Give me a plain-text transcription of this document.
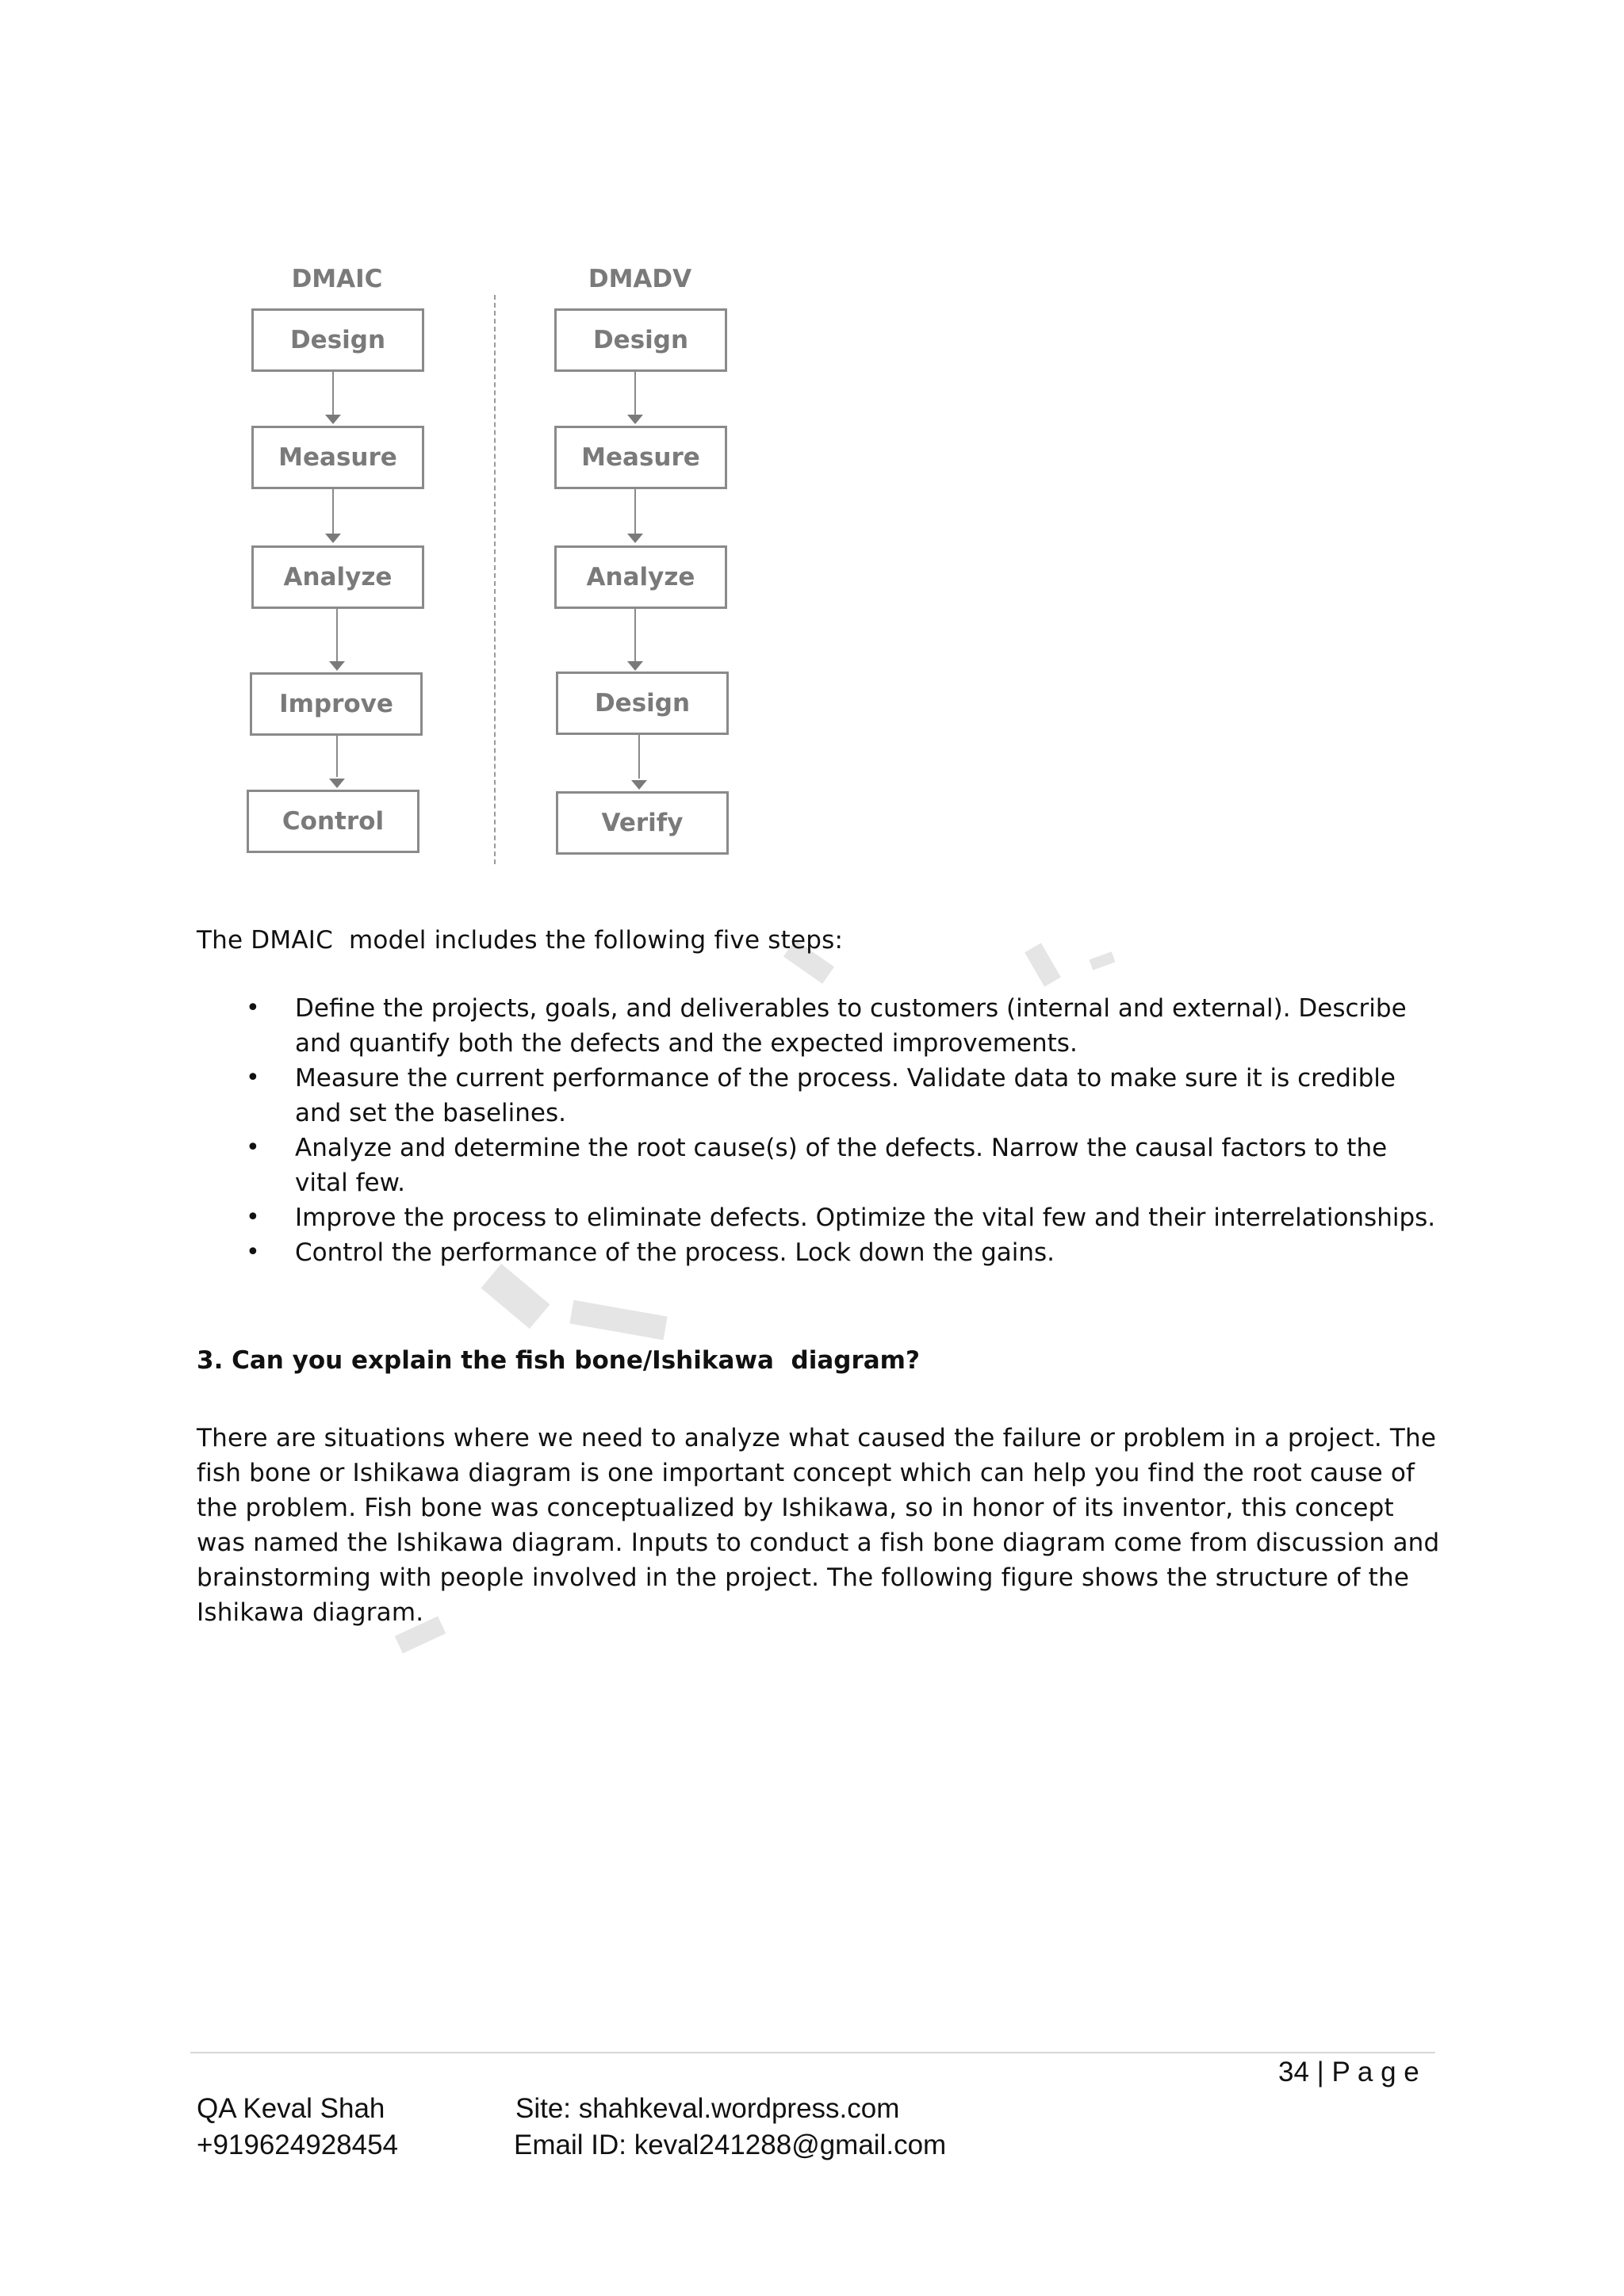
DMAIC	DMADV
Design
Measure
Analyze
Improve
Control
Design
Measure
Analyze
Design
Verify
The DMAIC  model includes the following five steps:
• Define the projects, goals, and deliverables to customers (internal and external). Describe and quantify both the defects and the expected improvements.
• Measure the current performance of the process. Validate data to make sure it is credible and set the baselines.
• Analyze and determine the root cause(s) of the defects. Narrow the causal factors to the vital few.
• Improve the process to eliminate defects. Optimize the vital few and their interrelationships.
• Control the performance of the process. Lock down the gains.
3. Can you explain the fish bone/Ishikawa  diagram?
There are situations where we need to analyze what caused the failure or problem in a project. The fish bone or Ishikawa diagram is one important concept which can help you find the root cause of the problem. Fish bone was conceptualized by Ishikawa, so in honor of its inventor, this concept was named the Ishikawa diagram. Inputs to conduct a fish bone diagram come from discussion and brainstorming with people involved in the project. The following figure shows the structure of the Ishikawa diagram.
34 | P a g e
QA Keval Shah
+919624928454
Site: shahkeval.wordpress.com
Email ID: keval241288@gmail.com
